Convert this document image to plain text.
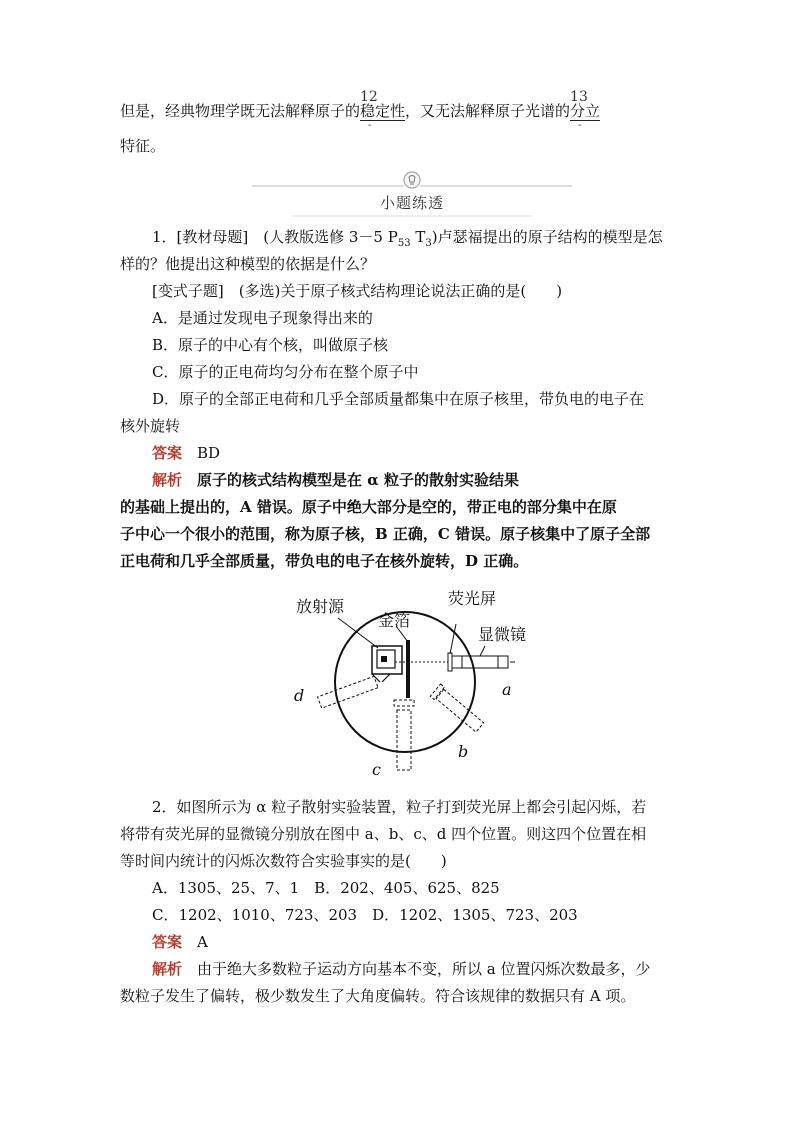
但是，经典物理学既无法解释原子的
12
-
稳定性，又无法解释原子光谱的
13
-
分立
特征。
小题练透
1．[教材母题]　(人教版选修 3－5 $P_{53}$ $T_3$)卢瑟福提出的原子结构的模型是怎
样的？他提出这种模型的依据是什么？
[变式子题]　(多选)关于原子核式结构理论说法正确的是(　　)
A．是通过发现电子现象得出来的
B．原子的中心有个核，叫做原子核
C．原子的正电荷均匀分布在整个原子中
D．原子的全部正电荷和几乎全部质量都集中在原子核里，带负电的电子在
核外旋转
答案　 BD
解析　 原子的核式结构模型是在 α 粒子的散射实验结果
的基础上提出的，A 错误。原子中绝大部分是空的，带正电的部分集中在原
子中心一个很小的范围，称为原子核，B 正确，C 错误。原子核集中了原子全部
正电荷和几乎全部质量，带负电的电子在核外旋转，D 正确。
放射源
金箔
荧光屏
显微镜
a
b
c
d
2．如图所示为 α 粒子散射实验装置，粒子打到荧光屏上都会引起闪烁，若
将带有荧光屏的显微镜分别放在图中 a、b、c、d 四个位置。则这四个位置在相
等时间内统计的闪烁次数符合实验事实的是(　　)
A．1305、25、7、1　B．202、405、625、825
C．1202、1010、723、203　D．1202、1305、723、203
答案　 A
解析　 由于绝大多数粒子运动方向基本不变，所以 a 位置闪烁次数最多，少
数粒子发生了偏转，极少数发生了大角度偏转。符合该规律的数据只有 A 项。
